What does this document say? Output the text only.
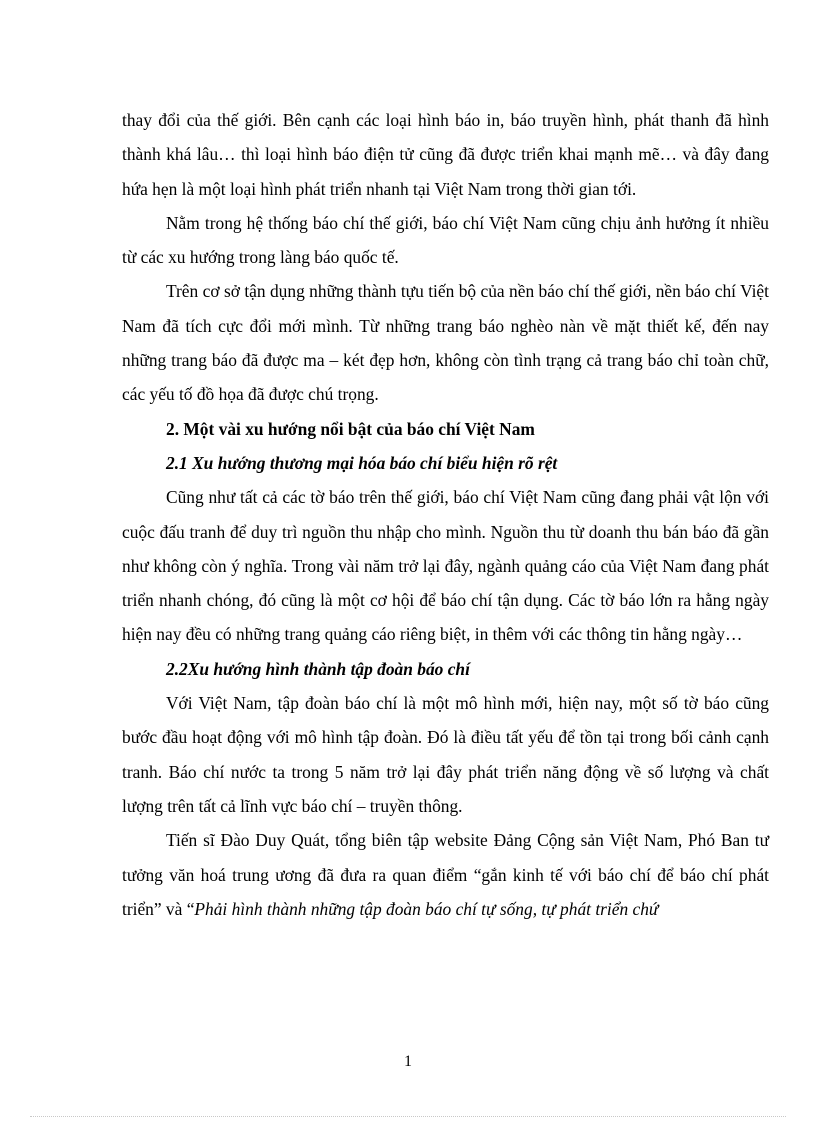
thay đổi của thế giới. Bên cạnh các loại hình báo in, báo truyền hình, phát thanh đã hình thành khá lâu… thì loại hình báo điện tử cũng đã được triển khai mạnh mẽ… và đây đang hứa hẹn là một loại hình phát triển nhanh tại Việt Nam trong thời gian tới.

Nằm trong hệ thống báo chí thế giới, báo chí Việt Nam cũng chịu ảnh hưởng ít nhiều từ các xu hướng trong làng báo quốc tế.

Trên cơ sở tận dụng những thành tựu tiến bộ của nền báo chí thế giới, nền báo chí Việt Nam đã tích cực đổi mới mình. Từ những trang báo nghèo nàn về mặt thiết kế, đến nay những trang báo đã được ma – két đẹp hơn, không còn tình trạng cả trang báo chỉ toàn chữ, các yếu tố đồ họa đã được chú trọng.

2. Một vài xu hướng nổi bật của báo chí Việt Nam

2.1 Xu hướng thương mại hóa báo chí biểu hiện rõ rệt

Cũng như tất cả các tờ báo trên thế giới, báo chí Việt Nam cũng đang phải vật lộn với cuộc đấu tranh để duy trì nguồn thu nhập cho mình. Nguồn thu từ doanh thu bán báo đã gần như không còn ý nghĩa. Trong vài năm trở lại đây, ngành quảng cáo của Việt Nam đang phát triển nhanh chóng, đó cũng là một cơ hội để báo chí tận dụng. Các tờ báo lớn ra hằng ngày hiện nay đều có những trang quảng cáo riêng biệt, in thêm với các thông tin hằng ngày…

2.2Xu hướng hình thành tập đoàn báo chí

Với Việt Nam, tập đoàn báo chí là một mô hình mới, hiện nay, một số tờ báo cũng bước đầu hoạt động với mô hình tập đoàn. Đó là điều tất yếu để tồn tại trong bối cảnh cạnh tranh. Báo chí nước ta trong 5 năm trở lại đây phát triển năng động về số lượng và chất lượng trên tất cả lĩnh vực báo chí – truyền thông.

Tiến sĩ Đào Duy Quát, tổng biên tập website Đảng Cộng sản Việt Nam, Phó Ban tư tưởng văn hoá trung ương đã đưa ra quan điểm “gắn kinh tế với báo chí để báo chí phát triển” và “Phải hình thành những tập đoàn báo chí tự sống, tự phát triển chứ

1
